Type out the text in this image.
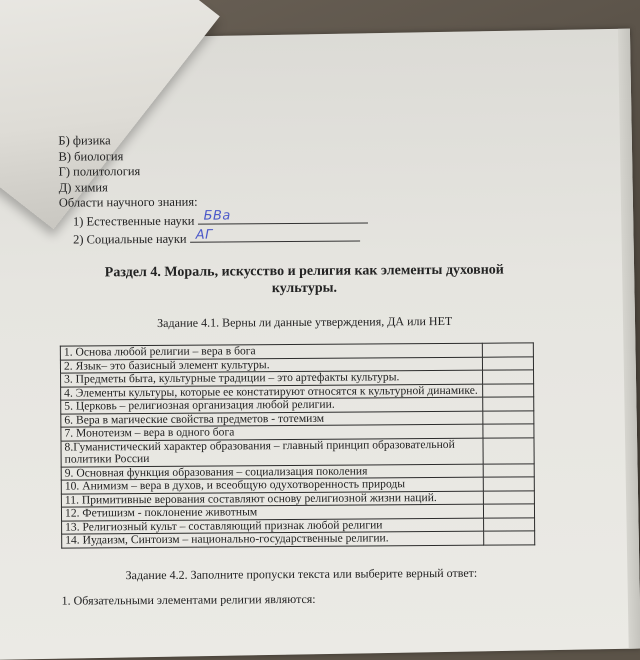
Б) физика
В) биология
Г) политология
Д) химия
Области научного знания:
1) Естественные науки БВа
2) Социальные науки АГ
Раздел 4. Мораль, искусство и религия как элементы духовной
культуры.
Задание 4.1. Верны ли данные утверждения, ДА или НЕТ
1. Основа любой религии – вера в бога	
2. Язык– это базисный элемент культуры.	
3. Предметы быта, культурные традиции – это артефакты культуры.	
4. Элементы культуры, которые ее констатируют относятся к культурной динамике.	
5. Церковь – религиозная организация любой религии.	
6. Вера в магические свойства предметов - тотемизм	
7. Монотеизм – вера в одного бога	
8.Гуманистический характер образования – главный принцип образовательной политики России	
9. Основная функция образования – социализация поколения	
10. Анимизм – вера в духов, и всеобщую одухотворенность природы	
11. Примитивные верования составляют основу религиозной жизни наций.	
12. Фетишизм - поклонение животным	
13. Религиозный культ – составляющий признак любой религии	
14. Иудаизм, Синтоизм – национально-государственные религии.	
Задание 4.2. Заполните пропуски текста или выберите верный ответ:
1. Обязательными элементами религии являются:
